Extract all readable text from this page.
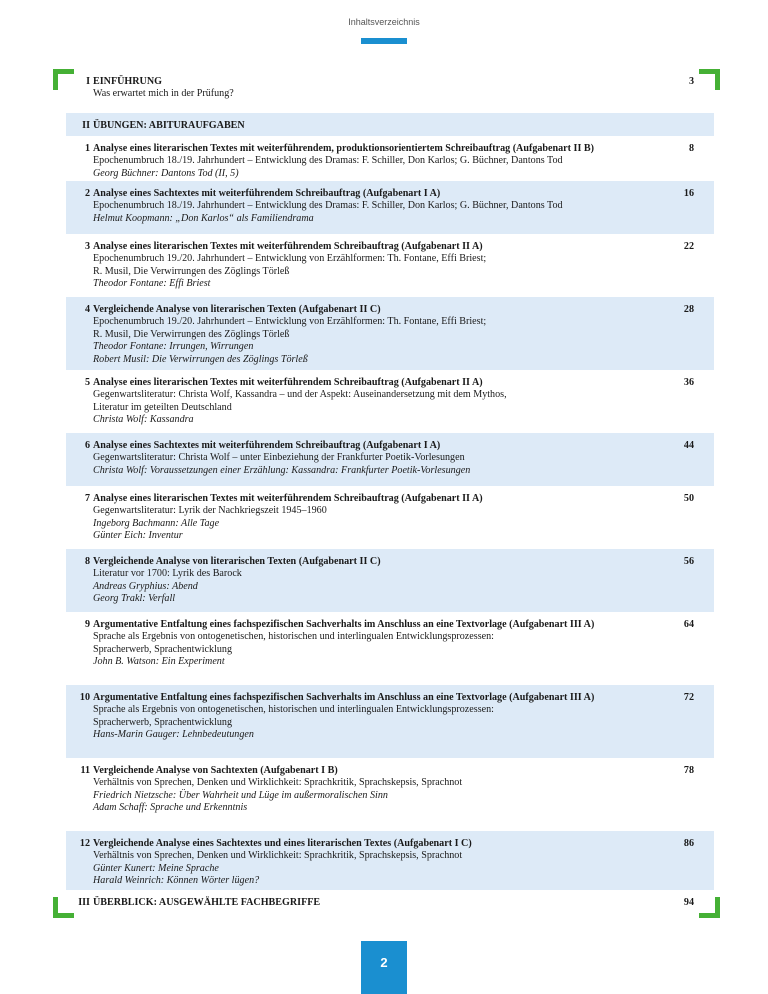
Inhaltsverzeichnis
I EINFÜHRUNG
Was erwartet mich in der Prüfung?
3
II ÜBUNGEN: ABITURAUFGABEN
1 Analyse eines literarischen Textes mit weiterführendem, produktionsorientiertem Schreibauftrag (Aufgabenart II B)
Epochenumbruch 18./19. Jahrhundert – Entwicklung des Dramas: F. Schiller, Don Karlos; G. Büchner, Dantons Tod
Georg Büchner: Dantons Tod (II, 5)
8
2 Analyse eines Sachtextes mit weiterführendem Schreibauftrag (Aufgabenart I A)
Epochenumbruch 18./19. Jahrhundert – Entwicklung des Dramas: F. Schiller, Don Karlos; G. Büchner, Dantons Tod
Helmut Koopmann: „Don Karlos“ als Familiendrama
16
3 Analyse eines literarischen Textes mit weiterführendem Schreibauftrag (Aufgabenart II A)
Epochenumbruch 19./20. Jahrhundert – Entwicklung von Erzählformen: Th. Fontane, Effi Briest;
R. Musil, Die Verwirrungen des Zöglings Törleß
Theodor Fontane: Effi Briest
22
4 Vergleichende Analyse von literarischen Texten (Aufgabenart II C)
Epochenumbruch 19./20. Jahrhundert – Entwicklung von Erzählformen: Th. Fontane, Effi Briest;
R. Musil, Die Verwirrungen des Zöglings Törleß
Theodor Fontane: Irrungen, Wirrungen
Robert Musil: Die Verwirrungen des Zöglings Törleß
28
5 Analyse eines literarischen Textes mit weiterführendem Schreibauftrag (Aufgabenart II A)
Gegenwartsliteratur: Christa Wolf, Kassandra – und der Aspekt: Auseinandersetzung mit dem Mythos,
Literatur im geteilten Deutschland
Christa Wolf: Kassandra
36
6 Analyse eines Sachtextes mit weiterführendem Schreibauftrag (Aufgabenart I A)
Gegenwartsliteratur: Christa Wolf – unter Einbeziehung der Frankfurter Poetik-Vorlesungen
Christa Wolf: Voraussetzungen einer Erzählung: Kassandra: Frankfurter Poetik-Vorlesungen
44
7 Analyse eines literarischen Textes mit weiterführendem Schreibauftrag (Aufgabenart II A)
Gegenwartsliteratur: Lyrik der Nachkriegszeit 1945–1960
Ingeborg Bachmann: Alle Tage
Günter Eich: Inventur
50
8 Vergleichende Analyse von literarischen Texten (Aufgabenart II C)
Literatur vor 1700: Lyrik des Barock
Andreas Gryphius: Abend
Georg Trakl: Verfall
56
9 Argumentative Entfaltung eines fachspezifischen Sachverhalts im Anschluss an eine Textvorlage (Aufgabenart III A)
Sprache als Ergebnis von ontogenetischen, historischen und interlingualen Entwicklungsprozessen:
Spracherwerb, Sprachentwicklung
John B. Watson: Ein Experiment
64
10 Argumentative Entfaltung eines fachspezifischen Sachverhalts im Anschluss an eine Textvorlage (Aufgabenart III A)
Sprache als Ergebnis von ontogenetischen, historischen und interlingualen Entwicklungsprozessen:
Spracherwerb, Sprachentwicklung
Hans-Marin Gauger: Lehnbedeutungen
72
11 Vergleichende Analyse von Sachtexten (Aufgabenart I B)
Verhältnis von Sprechen, Denken und Wirklichkeit: Sprachkritik, Sprachskepsis, Sprachnot
Friedrich Nietzsche: Über Wahrheit und Lüge im außermoralischen Sinn
Adam Schaff: Sprache und Erkenntnis
78
12 Vergleichende Analyse eines Sachtextes und eines literarischen Textes (Aufgabenart I C)
Verhältnis von Sprechen, Denken und Wirklichkeit: Sprachkritik, Sprachskepsis, Sprachnot
Günter Kunert: Meine Sprache
Harald Weinrich: Können Wörter lügen?
86
III ÜBERBLICK: AUSGEWÄHLTE FACHBEGRIFFE	94
2
